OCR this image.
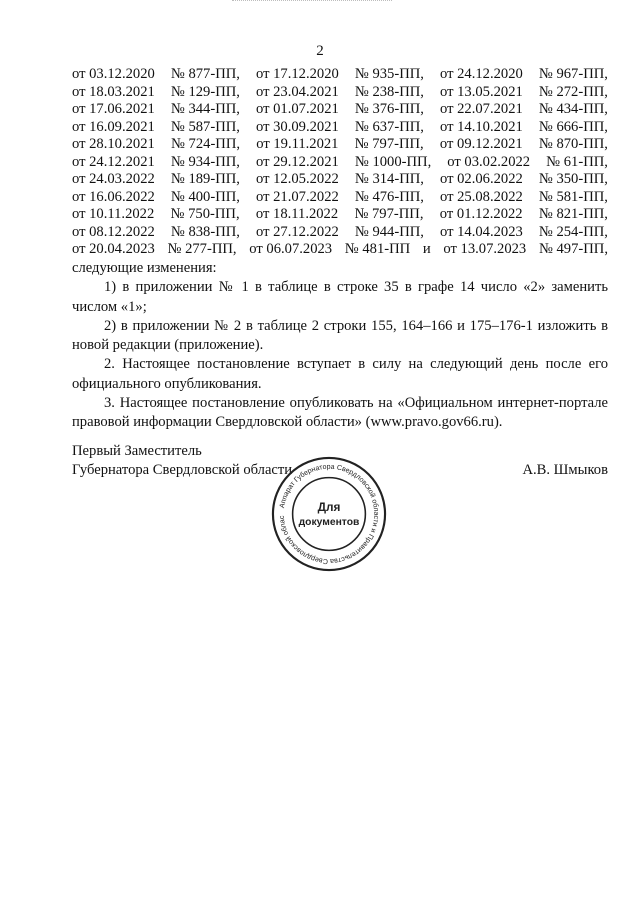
2
от 03.12.2020 № 877-ПП, от 17.12.2020 № 935-ПП, от 24.12.2020 № 967-ПП,
от 18.03.2021 № 129-ПП, от 23.04.2021 № 238-ПП, от 13.05.2021 № 272-ПП,
от 17.06.2021 № 344-ПП, от 01.07.2021 № 376-ПП, от 22.07.2021 № 434-ПП,
от 16.09.2021 № 587-ПП, от 30.09.2021 № 637-ПП, от 14.10.2021 № 666-ПП,
от 28.10.2021 № 724-ПП, от 19.11.2021 № 797-ПП, от 09.12.2021 № 870-ПП,
от 24.12.2021 № 934-ПП, от 29.12.2021 № 1000-ПП, от 03.02.2022 № 61-ПП,
от 24.03.2022 № 189-ПП, от 12.05.2022 № 314-ПП, от 02.06.2022 № 350-ПП,
от 16.06.2022 № 400-ПП, от 21.07.2022 № 476-ПП, от 25.08.2022 № 581-ПП,
от 10.11.2022 № 750-ПП, от 18.11.2022 № 797-ПП, от 01.12.2022 № 821-ПП,
от 08.12.2022 № 838-ПП, от 27.12.2022 № 944-ПП, от 14.04.2023 № 254-ПП,
от 20.04.2023 № 277-ПП, от 06.07.2023 № 481-ПП и от 13.07.2023 № 497-ПП,

следующие изменения:

1) в приложении № 1 в таблице в строке 35 в графе 14 число «2» заменить числом «1»;

2) в приложении № 2 в таблице 2 строки 155, 164–166 и 175–176-1 изложить в новой редакции (приложение).

2. Настоящее постановление вступает в силу на следующий день после его официального опубликования.

3. Настоящее постановление опубликовать на «Официальном интернет-портале правовой информации Свердловской области» (www.pravo.gov66.ru).

Первый Заместитель
Губернатора Свердловской области	А.В. Шмыков
Аппарат Губернатора Свердловской области и Правительства Свердловской облас
Для
документов
